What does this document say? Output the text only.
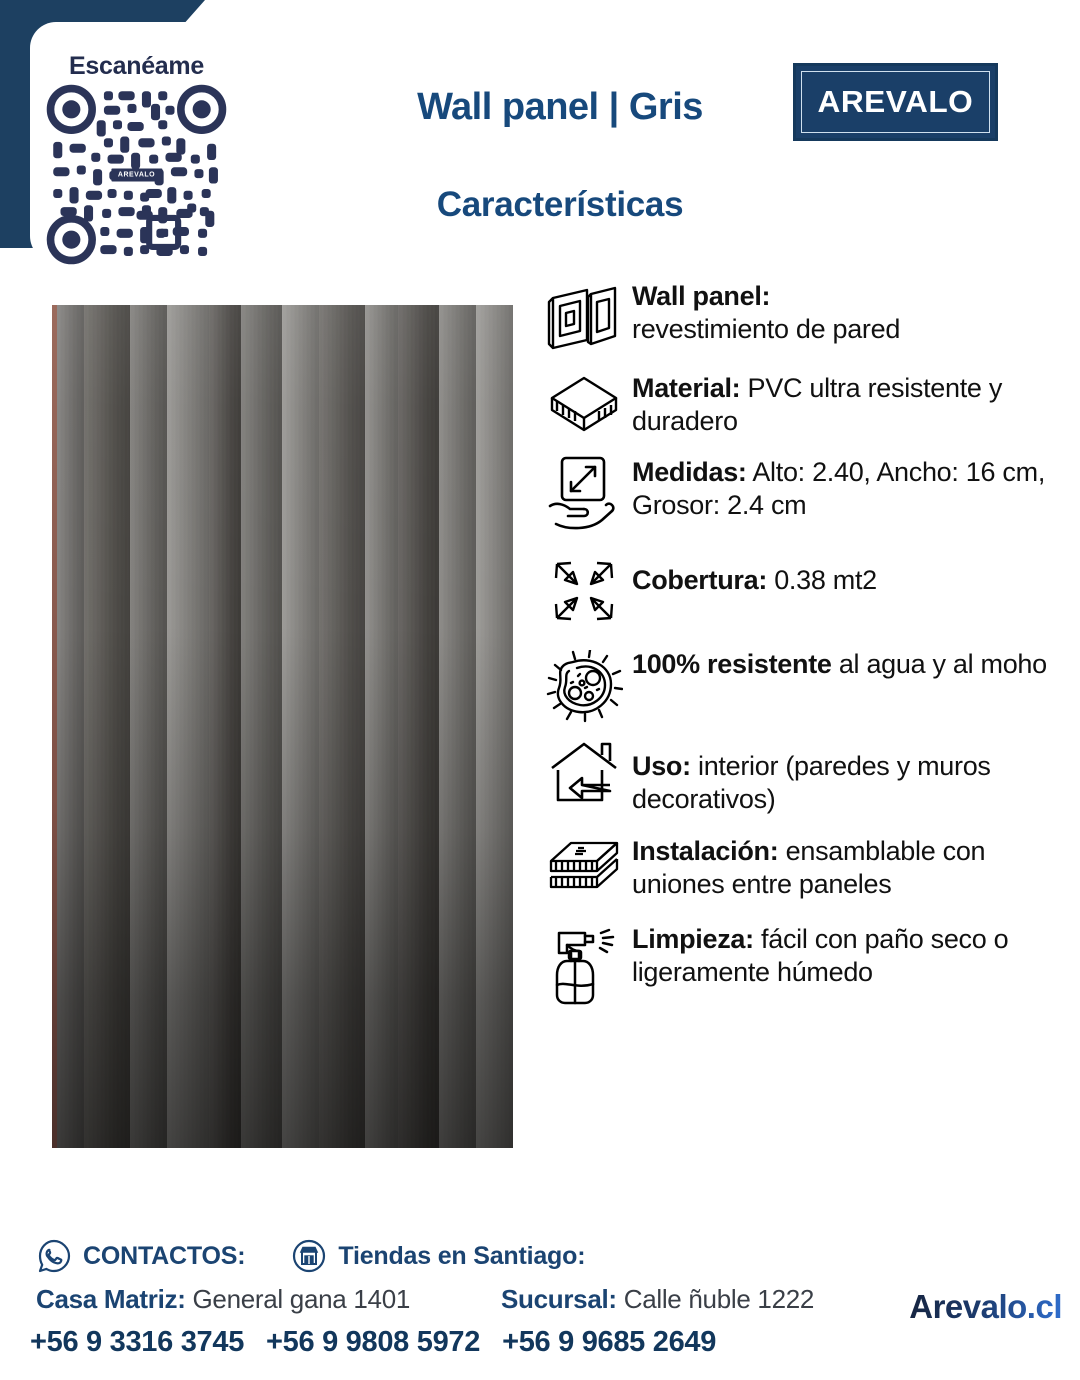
Escanéame
AREVALO
Wall panel | Gris
Características
AREVALO
Wall panel:
revestimiento de pared
Material: PVC ultra resistente y duradero
Medidas: Alto: 2.40, Ancho: 16 cm, Grosor: 2.4 cm
Cobertura: 0.38 mt2
100% resistente al agua y al moho
Uso: interior (paredes y muros decorativos)
Instalación: ensamblable con uniones entre paneles
Limpieza: fácil con paño seco o ligeramente húmedo
CONTACTOS:	Tiendas en Santiago:
Casa Matriz: General gana 1401	Sucursal: Calle ñuble 1222
+56 9 3316 3745 +56 9 9808 5972 +56 9 9685 2649
Arevalo.cl
